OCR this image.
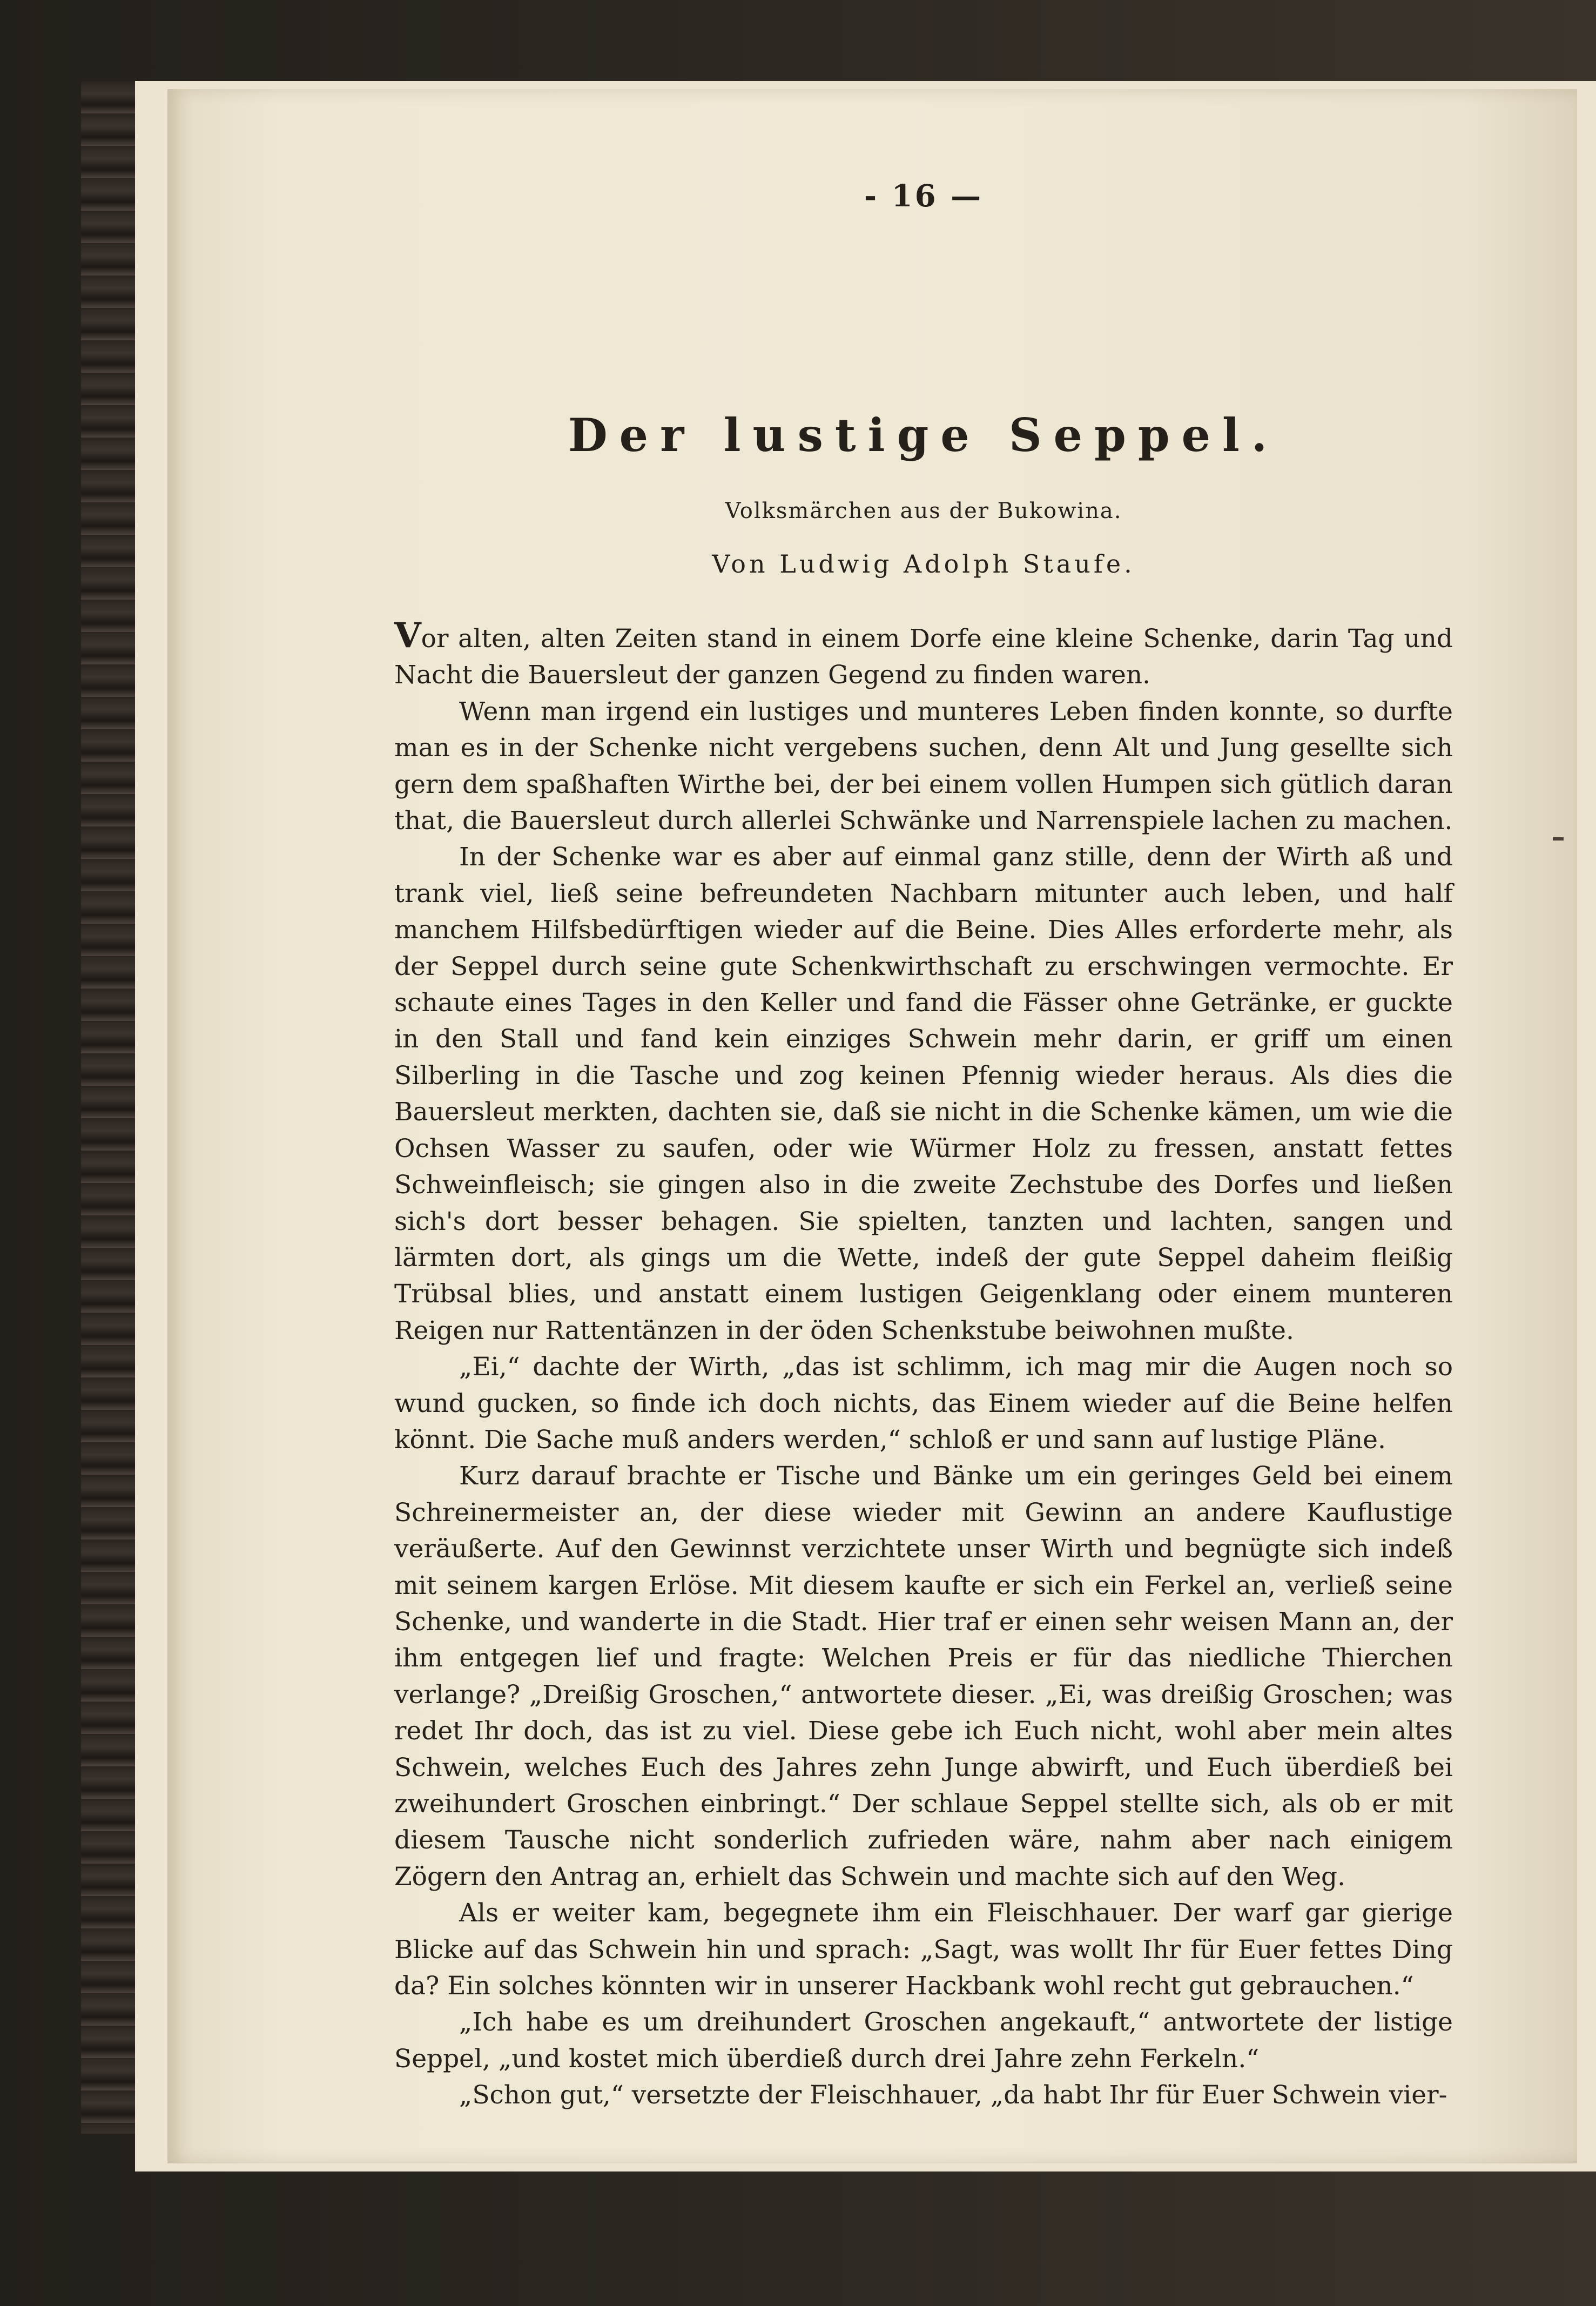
- 16 —
Der lustige Seppel.
Volksmärchen aus der Bukowina.
Von Ludwig Adolph Staufe.

Vor alten, alten Zeiten stand in einem Dorfe eine kleine Schenke, darin Tag und Nacht die Bauersleut der ganzen Gegend zu finden waren.

Wenn man irgend ein lustiges und munteres Leben finden konnte, so durfte man es in der Schenke nicht vergebens suchen, denn Alt und Jung gesellte sich gern dem spaßhaften Wirthe bei, der bei einem vollen Humpen sich gütlich daran that, die Bauersleut durch allerlei Schwänke und Narrenspiele lachen zu machen.

In der Schenke war es aber auf einmal ganz stille, denn der Wirth aß und trank viel, ließ seine befreundeten Nachbarn mitunter auch leben, und half manchem Hilfsbedürftigen wieder auf die Beine. Dies Alles erforderte mehr, als der Seppel durch seine gute Schenkwirthschaft zu erschwingen vermochte. Er schaute eines Tages in den Keller und fand die Fässer ohne Getränke, er guckte in den Stall und fand kein einziges Schwein mehr darin, er griff um einen Silberling in die Tasche und zog keinen Pfennig wieder heraus. Als dies die Bauersleut merkten, dachten sie, daß sie nicht in die Schenke kämen, um wie die Ochsen Wasser zu saufen, oder wie Würmer Holz zu fressen, anstatt fettes Schweinfleisch; sie gingen also in die zweite Zechstube des Dorfes und ließen sich's dort besser behagen. Sie spielten, tanzten und lachten, sangen und lärmten dort, als gings um die Wette, indeß der gute Seppel daheim fleißig Trübsal blies, und anstatt einem lustigen Geigenklang oder einem munteren Reigen nur Rattentänzen in der öden Schenkstube beiwohnen mußte.

„Ei,“ dachte der Wirth, „das ist schlimm, ich mag mir die Augen noch so wund gucken, so finde ich doch nichts, das Einem wieder auf die Beine helfen könnt. Die Sache muß anders werden,“ schloß er und sann auf lustige Pläne.

Kurz darauf brachte er Tische und Bänke um ein geringes Geld bei einem Schreinermeister an, der diese wieder mit Gewinn an andere Kauflustige veräußerte. Auf den Gewinnst verzichtete unser Wirth und begnügte sich indeß mit seinem kargen Erlöse. Mit diesem kaufte er sich ein Ferkel an, verließ seine Schenke, und wanderte in die Stadt. Hier traf er einen sehr weisen Mann an, der ihm entgegen lief und fragte: Welchen Preis er für das niedliche Thierchen verlange? „Dreißig Groschen,“ antwortete dieser. „Ei, was dreißig Groschen; was redet Ihr doch, das ist zu viel. Diese gebe ich Euch nicht, wohl aber mein altes Schwein, welches Euch des Jahres zehn Junge abwirft, und Euch überdieß bei zweihundert Groschen einbringt.“ Der schlaue Seppel stellte sich, als ob er mit diesem Tausche nicht sonderlich zufrieden wäre, nahm aber nach einigem Zögern den Antrag an, erhielt das Schwein und machte sich auf den Weg.

Als er weiter kam, begegnete ihm ein Fleischhauer. Der warf gar gierige Blicke auf das Schwein hin und sprach: „Sagt, was wollt Ihr für Euer fettes Ding da? Ein solches könnten wir in unserer Hackbank wohl recht gut gebrauchen.“

„Ich habe es um dreihundert Groschen angekauft,“ antwortete der listige Seppel, „und kostet mich überdieß durch drei Jahre zehn Ferkeln.“

„Schon gut,“ versetzte der Fleischhauer, „da habt Ihr für Euer Schwein vier-
